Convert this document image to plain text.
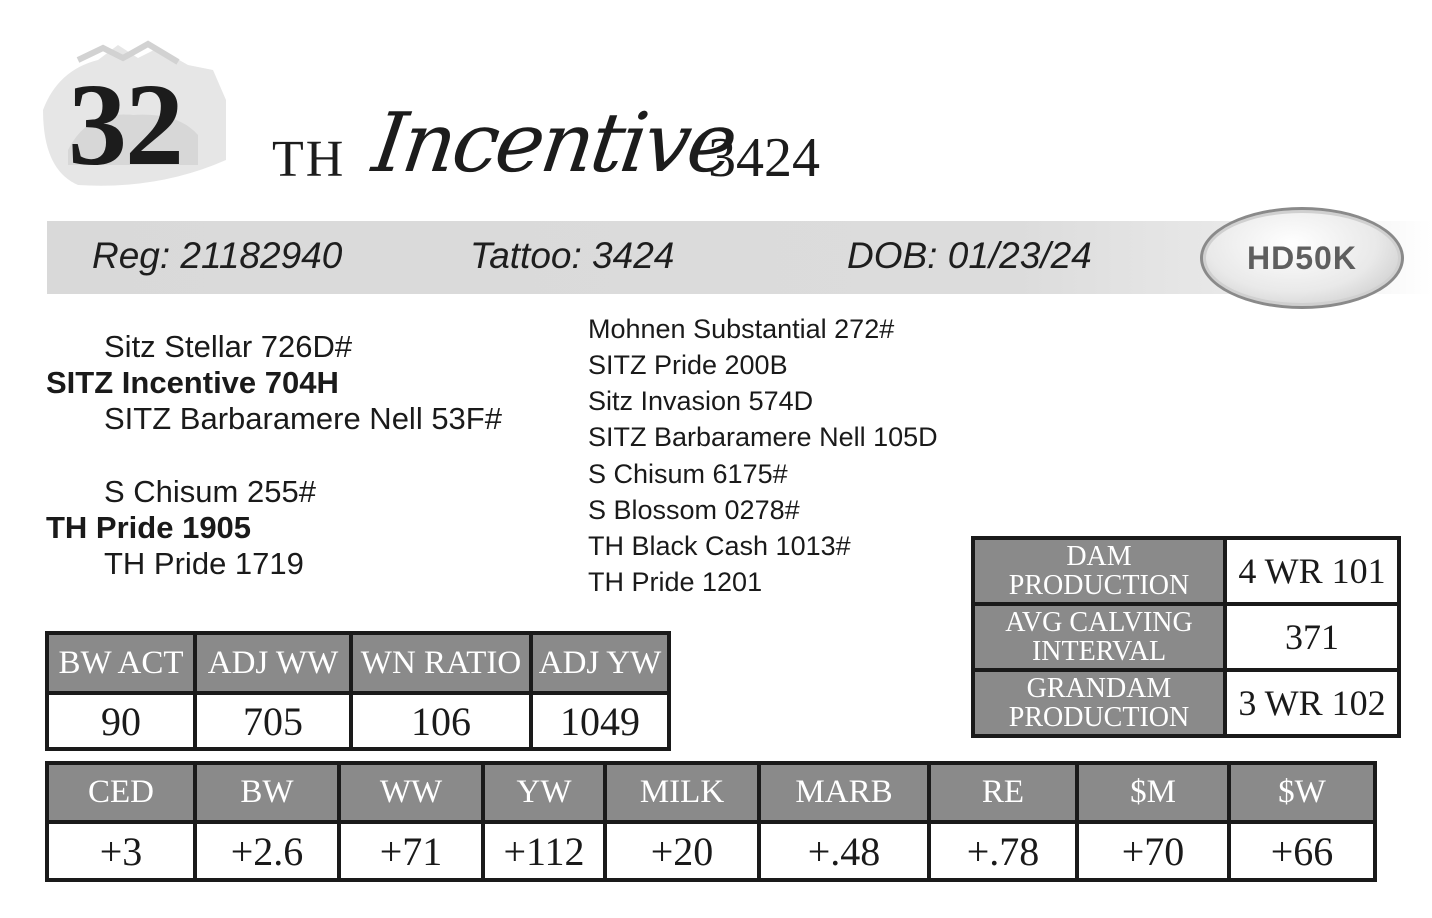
32 TH Incentive
3424
Reg: 21182940	Tattoo: 3424	DOB: 01/23/24	HD50K
Sitz Stellar 726D#
SITZ Incentive 704H
SITZ Barbaramere Nell 53F#
S Chisum 255#
TH Pride 1905
TH Pride 1719
Mohnen Substantial 272#
SITZ Pride 200B
Sitz Invasion 574D
SITZ Barbaramere Nell 105D
S Chisum 6175#
S Blossom 0278#
TH Black Cash 1013#
TH Pride 1201
BW ACT	ADJ WW	WN RATIO	ADJ YW
90	705	106	1049
DAM
PRODUCTION	4 WR 101
AVG CALVING
INTERVAL	371
GRANDAM
PRODUCTION	3 WR 102
CED	BW	WW	YW	MILK	MARB	RE	$M	$W
+3	+2.6	+71	+112	+20	+.48	+.78	+70	+66
